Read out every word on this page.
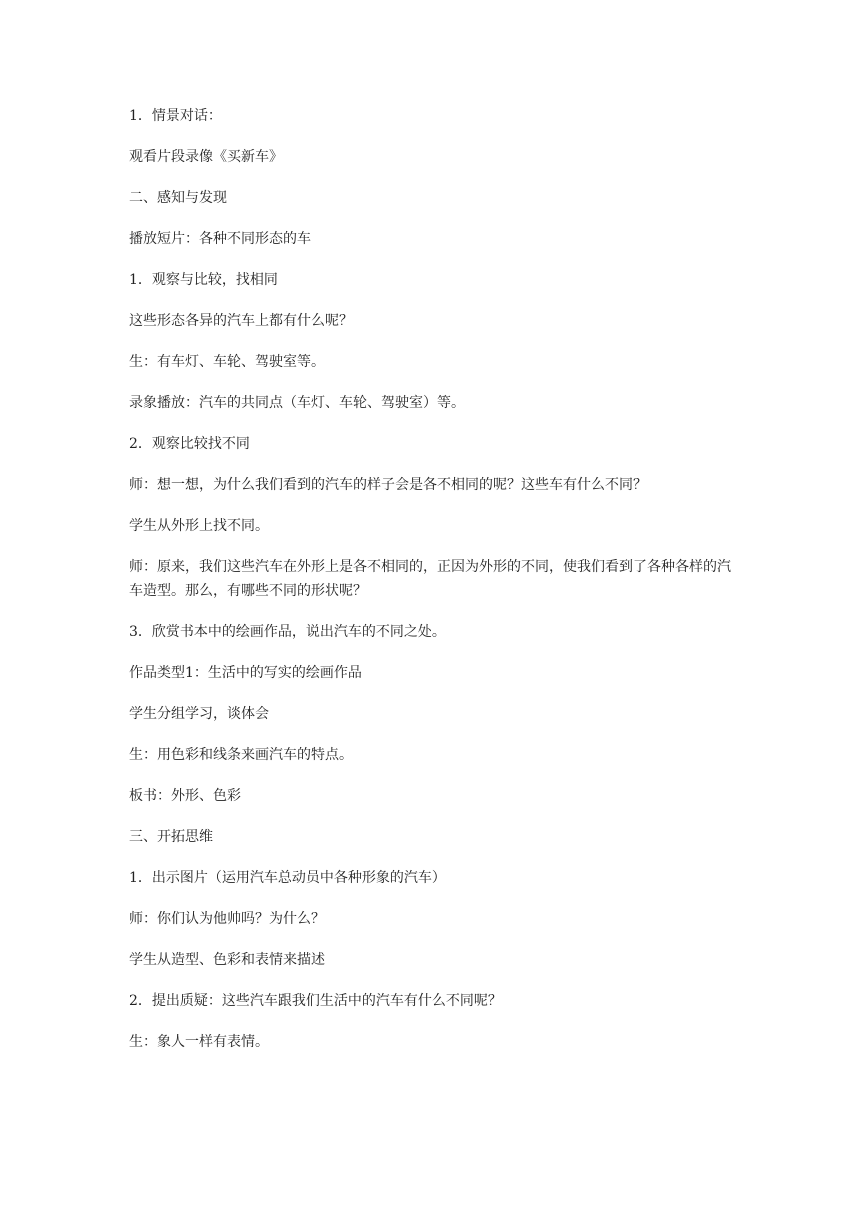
1．情景对话：

观看片段录像《买新车》

二、感知与发现

播放短片：各种不同形态的车

1．观察与比较，找相同

这些形态各异的汽车上都有什么呢？

生：有车灯、车轮、驾驶室等。

录象播放：汽车的共同点（车灯、车轮、驾驶室）等。

2．观察比较找不同

师：想一想，为什么我们看到的汽车的样子会是各不相同的呢？这些车有什么不同？

学生从外形上找不同。

师：原来，我们这些汽车在外形上是各不相同的，正因为外形的不同，使我们看到了各种各样的汽车造型。那么，有哪些不同的形状呢？

3．欣赏书本中的绘画作品，说出汽车的不同之处。

作品类型1：生活中的写实的绘画作品

学生分组学习，谈体会

生：用色彩和线条来画汽车的特点。

板书：外形、色彩

三、开拓思维

1．出示图片（运用汽车总动员中各种形象的汽车）

师：你们认为他帅吗？为什么？

学生从造型、色彩和表情来描述

2．提出质疑：这些汽车跟我们生活中的汽车有什么不同呢？

生：象人一样有表情。
